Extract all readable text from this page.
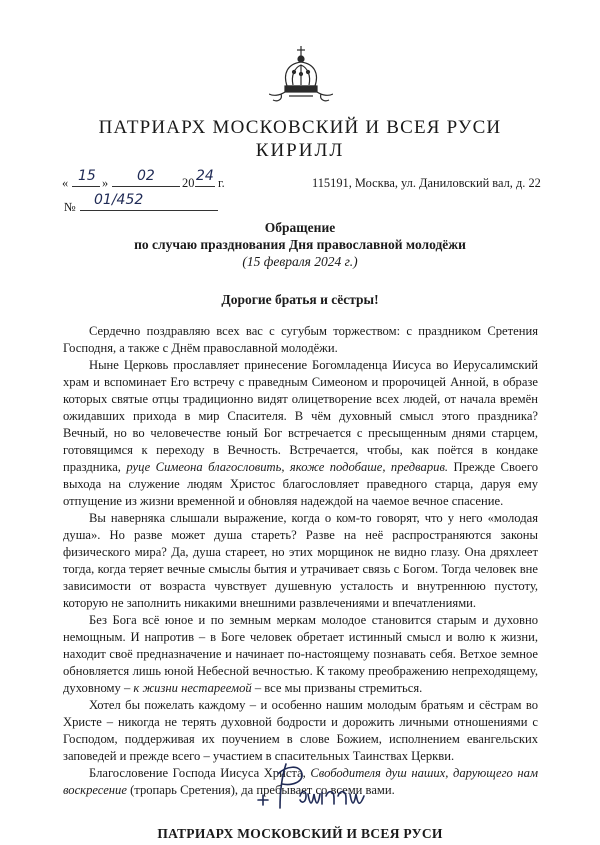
ПАТРИАРХ МОСКОВСКИЙ И ВСЕЯ РУСИ
КИРИЛЛ
« 15 » 02 20 24 г.	115191, Москва, ул. Даниловский вал, д. 22
№ 01/452
Обращение
по случаю празднования Дня православной молодёжи
(15 февраля 2024 г.)
Дорогие братья и сёстры!

Сердечно поздравляю всех вас с сугубым торжеством: с праздником Сретения Господня, а также с Днём православной молодёжи.

Ныне Церковь прославляет принесение Богомладенца Иисуса во Иерусалимский храм и вспоминает Его встречу с праведным Симеоном и пророчицей Анной, в образе которых святые отцы традиционно видят олицетворение всех людей, от начала времён ожидавших прихода в мир Спасителя. В чём духовный смысл этого праздника? Вечный, но во человечестве юный Бог встречается с пресыщенным днями старцем, готовящимся к переходу в Вечность. Встречается, чтобы, как поётся в кондаке праздника, руце Симеона благословить, якоже подобаше, предварив. Прежде Своего выхода на служение людям Христос благословляет праведного старца, даруя ему отпущение из жизни временной и обновляя надеждой на чаемое вечное спасение.

Вы наверняка слышали выражение, когда о ком-то говорят, что у него «молодая душа». Но разве может душа стареть? Разве на неё распространяются законы физического мира? Да, душа стареет, но этих морщинок не видно глазу. Она дряхлеет тогда, когда теряет вечные смыслы бытия и утрачивает связь с Богом. Тогда человек вне зависимости от возраста чувствует душевную усталость и внутреннюю пустоту, которую не заполнить никакими внешними развлечениями и впечатлениями.

Без Бога всё юное и по земным меркам молодое становится старым и духовно немощным. И напротив – в Боге человек обретает истинный смысл и волю к жизни, находит своё предназначение и начинает по-настоящему познавать себя. Ветхое земное обновляется лишь юной Небесной вечностью. К такому преображению непреходящему, духовному – к жизни нестареемой – все мы призваны стремиться.

Хотел бы пожелать каждому – и особенно нашим молодым братьям и сёстрам во Христе – никогда не терять духовной бодрости и дорожить личными отношениями с Господом, поддерживая их поучением в слове Божием, исполнением евангельских заповедей и прежде всего – участием в спасительных Таинствах Церкви.

Благословение Господа Иисуса Христа, Свободителя душ наших, дарующего нам воскресение (тропарь Сретения), да пребывает со всеми вами.

ПАТРИАРХ МОСКОВСКИЙ И ВСЕЯ РУСИ
